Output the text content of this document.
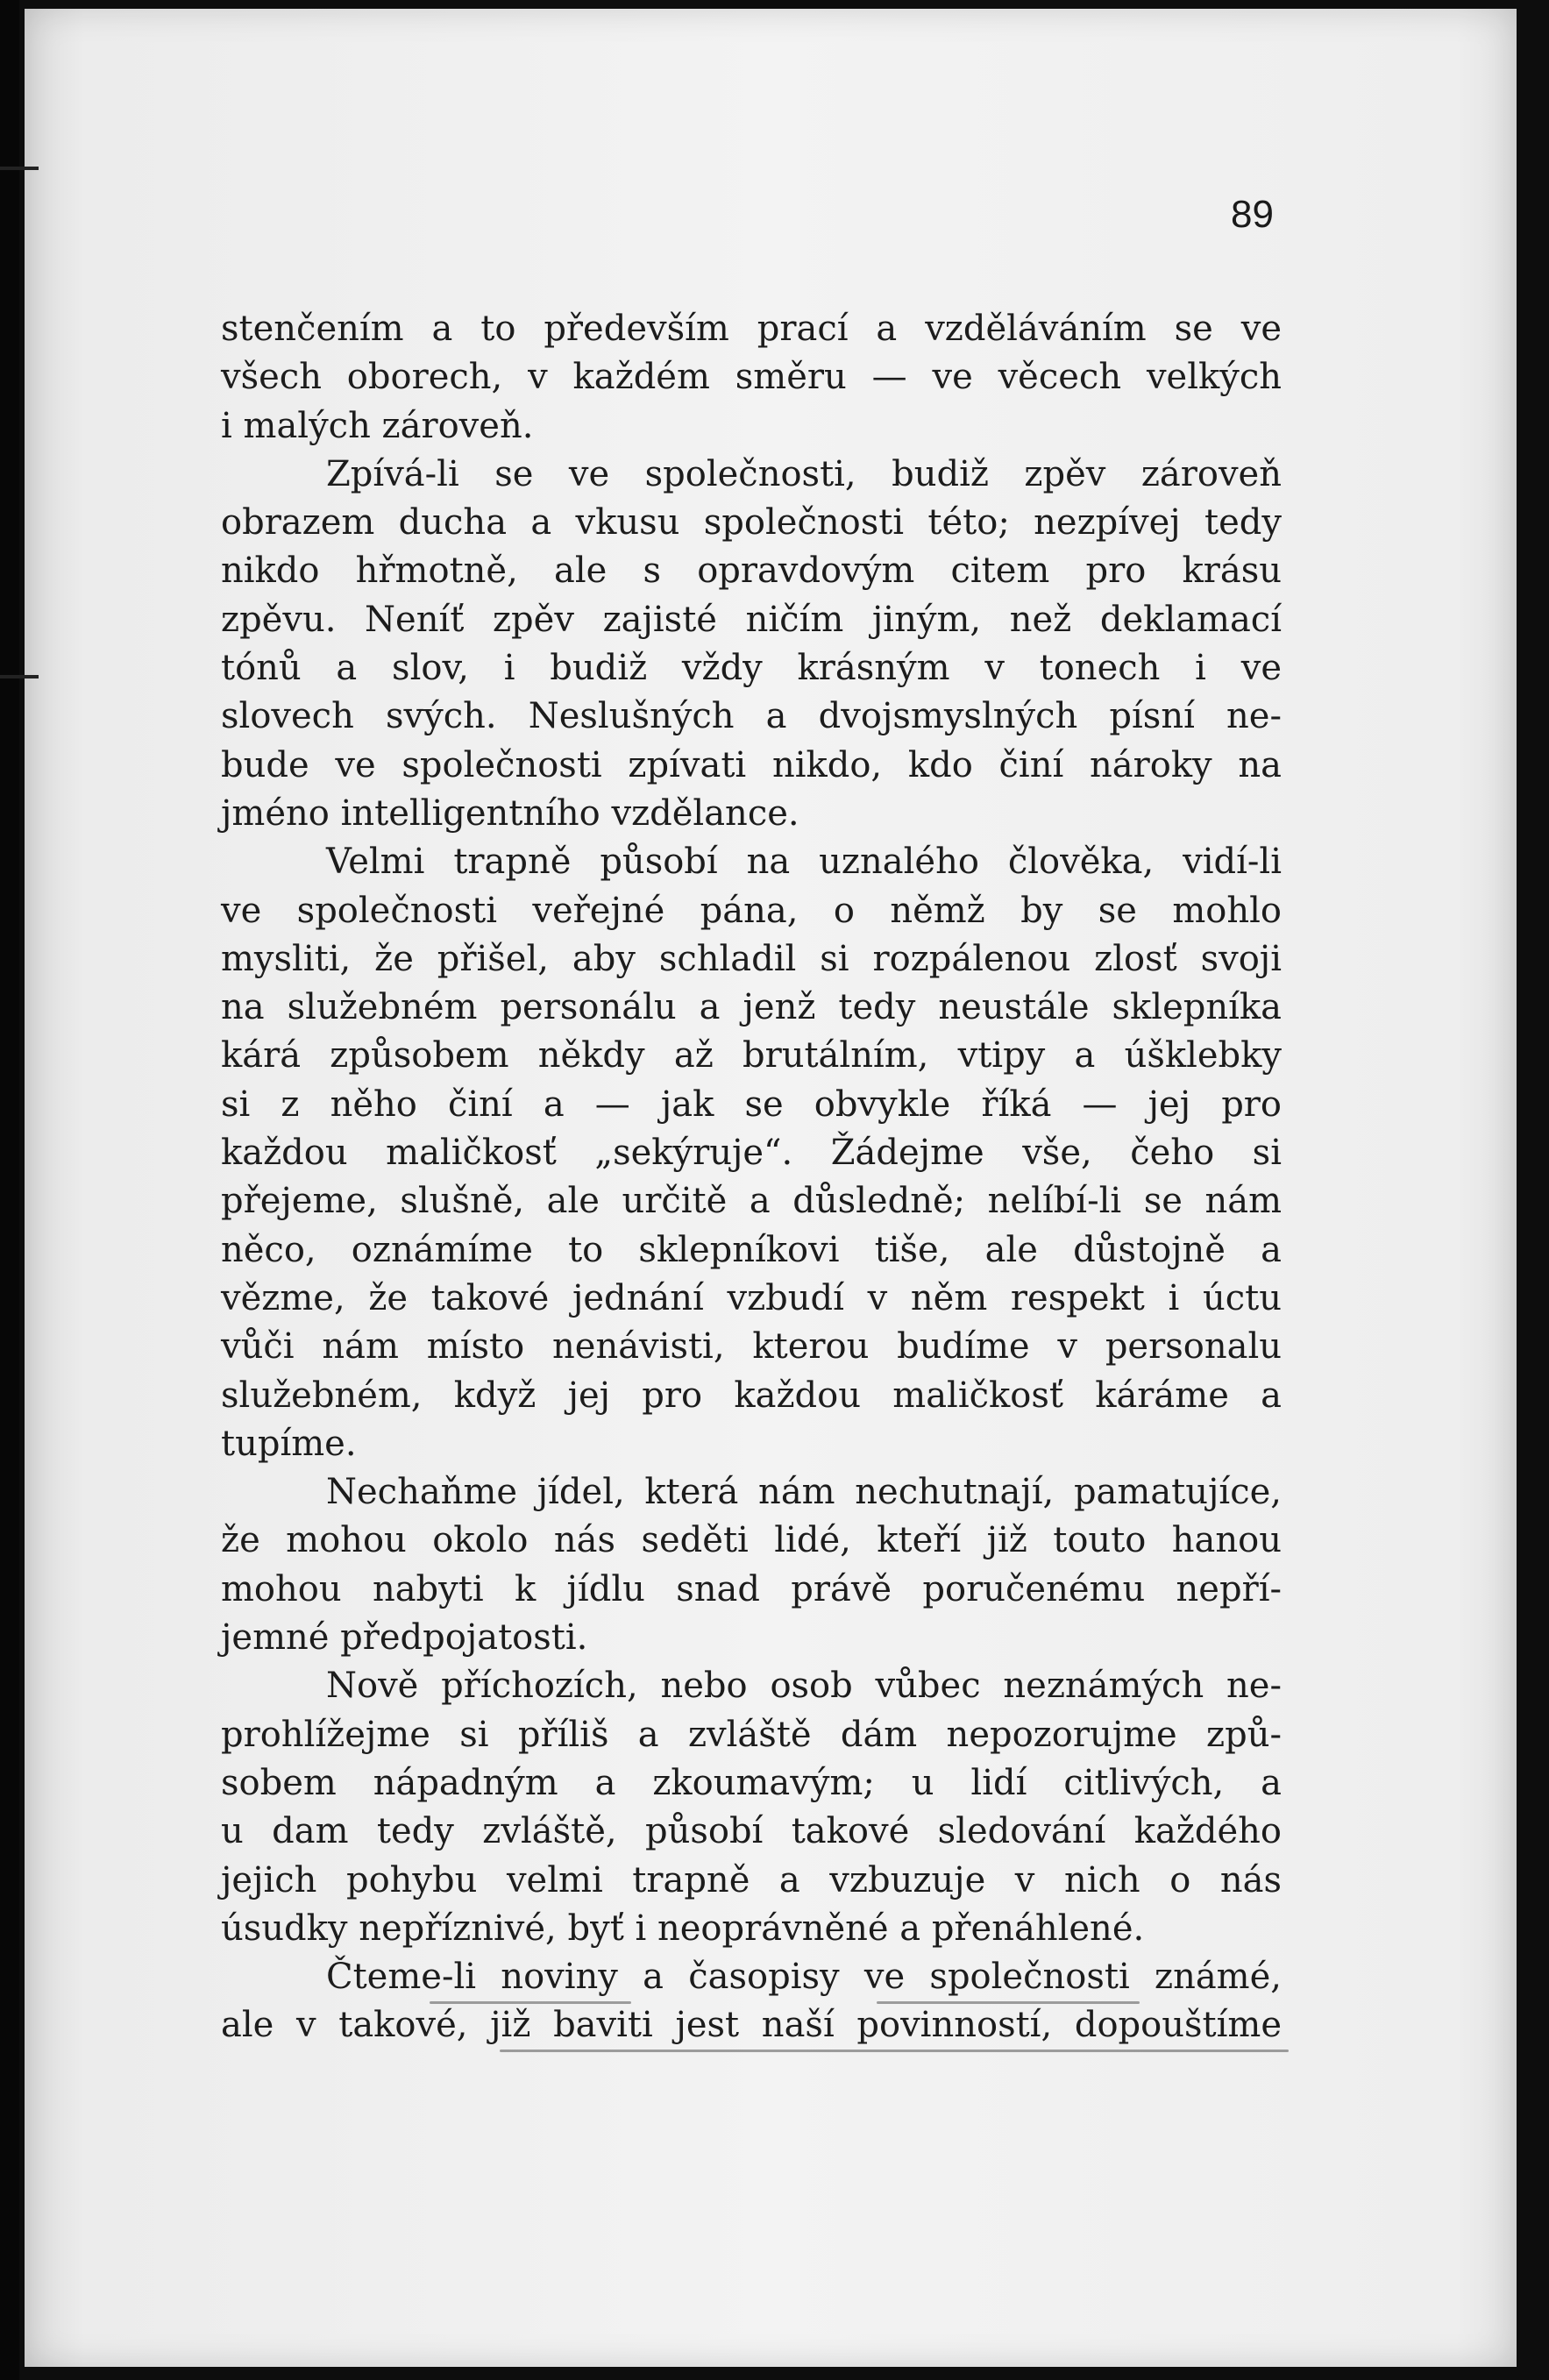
89
stenčením a to především prací a vzděláváním se ve
všech oborech, v každém směru — ve věcech velkých
i malých zároveň.
Zpívá-li se ve společnosti, budiž zpěv zároveň
obrazem ducha a vkusu společnosti této; nezpívej tedy
nikdo hřmotně, ale s opravdovým citem pro krásu
zpěvu. Neníť zpěv zajisté ničím jiným, než deklamací
tónů a slov, i budiž vždy krásným v tonech i ve
slovech svých. Neslušných a dvojsmyslných písní ne-
bude ve společnosti zpívati nikdo, kdo činí nároky na
jméno intelligentního vzdělance.
Velmi trapně působí na uznalého člověka, vidí-li
ve společnosti veřejné pána, o němž by se mohlo
mysliti, že přišel, aby schladil si rozpálenou zlosť svoji
na služebném personálu a jenž tedy neustále sklepníka
kárá způsobem někdy až brutálním, vtipy a úšklebky
si z něho činí a — jak se obvykle říká — jej pro
každou maličkosť „sekýruje“. Žádejme vše, čeho si
přejeme, slušně, ale určitě a důsledně; nelíbí-li se nám
něco, oznámíme to sklepníkovi tiše, ale důstojně a
vězme, že takové jednání vzbudí v něm respekt i úctu
vůči nám místo nenávisti, kterou budíme v personalu
služebném, když jej pro každou maličkosť káráme a
tupíme.
Nechaňme jídel, která nám nechutnají, pamatujíce,
že mohou okolo nás seděti lidé, kteří již touto hanou
mohou nabyti k jídlu snad právě poručenému nepří-
jemné předpojatosti.
Nově příchozích, nebo osob vůbec neznámých ne-
prohlížejme si příliš a zvláště dám nepozorujme způ-
sobem nápadným a zkoumavým; u lidí citlivých, a
u dam tedy zvláště, působí takové sledování každého
jejich pohybu velmi trapně a vzbuzuje v nich o nás
úsudky nepříznivé, byť i neoprávněné a přenáhlené.
Čteme-li noviny a časopisy ve společnosti známé,
ale v takové, již baviti jest naší povinností, dopouštíme
